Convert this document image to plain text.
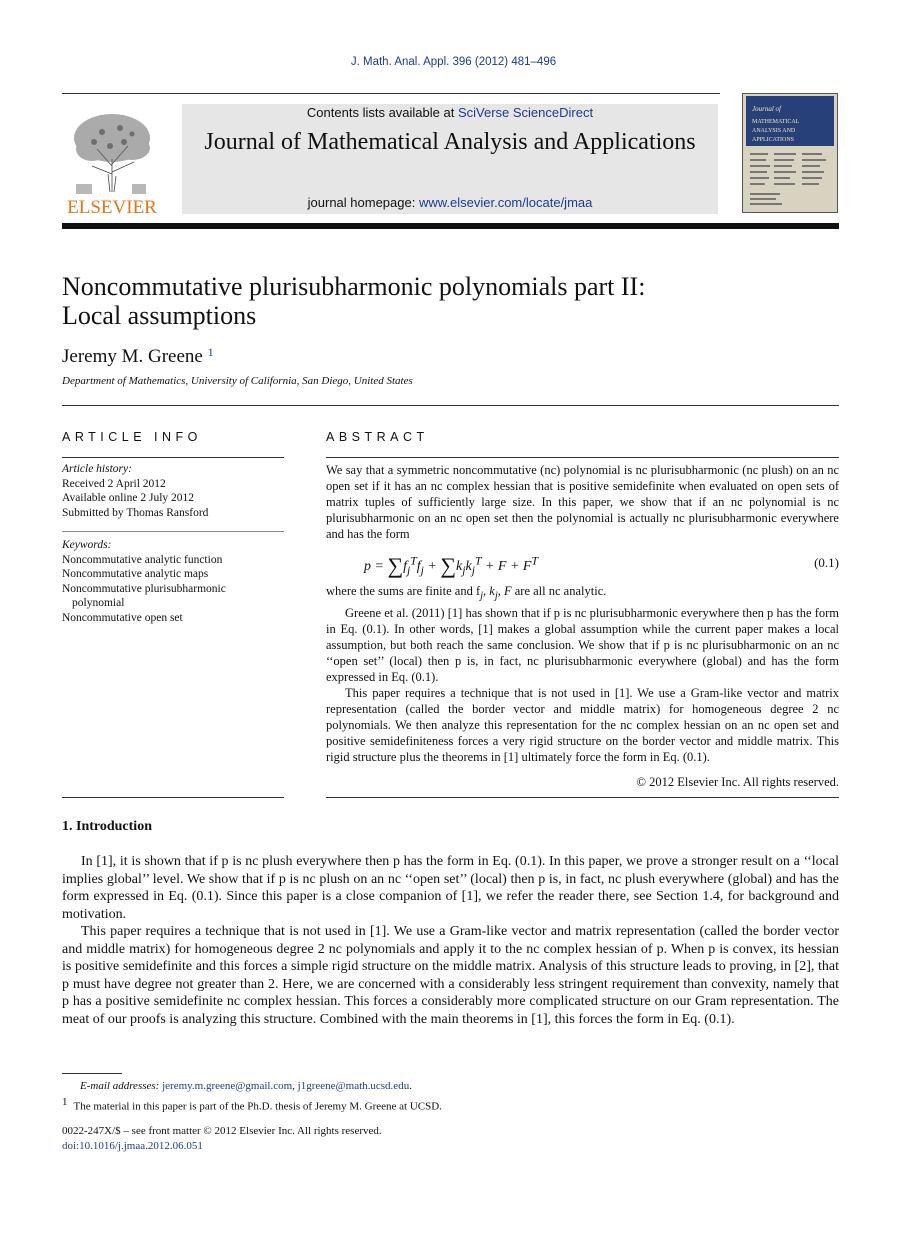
J. Math. Anal. Appl. 396 (2012) 481–496
ELSEVIER
Contents lists available at SciVerse ScienceDirect
Journal of Mathematical Analysis and Applications
journal homepage: www.elsevier.com/locate/jmaa
Journal of
MATHEMATICAL
ANALYSIS AND
APPLICATIONS
Noncommutative plurisubharmonic polynomials part II:
Local assumptions
Jeremy M. Greene $^1$
Department of Mathematics, University of California, San Diego, United States
ARTICLE INFO	ABSTRACT
Article history:
Received 2 April 2012
Available online 2 July 2012
Submitted by Thomas Ransford
Keywords:
Noncommutative analytic function
Noncommutative analytic maps
Noncommutative plurisubharmonic
polynomial
Noncommutative open set
We say that a symmetric noncommutative (nc) polynomial is nc plurisubharmonic (nc plush) on an nc open set if it has an nc complex hessian that is positive semidefinite when evaluated on open sets of matrix tuples of sufficiently large size. In this paper, we show that if an nc polynomial is nc plurisubharmonic on an nc open set then the polynomial is actually nc plurisubharmonic everywhere and has the form
$p = \sum f_j^Tf_j + \sum k_jk_j^T + F + F^T$	(0.1)

where the sums are finite and $f_j$, $k_j$, F are all nc analytic.

Greene et al. (2011) [1] has shown that if p is nc plurisubharmonic everywhere then p has the form in Eq. (0.1). In other words, [1] makes a global assumption while the current paper makes a local assumption, but both reach the same conclusion. We show that if p is nc plurisubharmonic on an nc ‘‘open set’’ (local) then p is, in fact, nc plurisubharmonic everywhere (global) and has the form expressed in Eq. (0.1).

This paper requires a technique that is not used in [1]. We use a Gram-like vector and matrix representation (called the border vector and middle matrix) for homogeneous degree 2 nc polynomials. We then analyze this representation for the nc complex hessian on an nc open set and positive semidefiniteness forces a very rigid structure on the border vector and middle matrix. This rigid structure plus the theorems in [1] ultimately force the form in Eq. (0.1).

© 2012 Elsevier Inc. All rights reserved.
1. Introduction

In [1], it is shown that if p is nc plush everywhere then p has the form in Eq. (0.1). In this paper, we prove a stronger result on a ‘‘local implies global’’ level. We show that if p is nc plush on an nc ‘‘open set’’ (local) then p is, in fact, nc plush everywhere (global) and has the form expressed in Eq. (0.1). Since this paper is a close companion of [1], we refer the reader there, see Section 1.4, for background and motivation.

This paper requires a technique that is not used in [1]. We use a Gram-like vector and matrix representation (called the border vector and middle matrix) for homogeneous degree 2 nc polynomials and apply it to the nc complex hessian of p. When p is convex, its hessian is positive semidefinite and this forces a simple rigid structure on the middle matrix. Analysis of this structure leads to proving, in [2], that p must have degree not greater than 2. Here, we are concerned with a considerably less stringent requirement than convexity, namely that p has a positive semidefinite nc complex hessian. This forces a considerably more complicated structure on our Gram representation. The meat of our proofs is analyzing this structure. Combined with the main theorems in [1], this forces the form in Eq. (0.1).

E-mail addresses: jeremy.m.greene@gmail.com, j1greene@math.ucsd.edu.
$^1$ The material in this paper is part of the Ph.D. thesis of Jeremy M. Greene at UCSD.
0022-247X/$ – see front matter © 2012 Elsevier Inc. All rights reserved.
doi:10.1016/j.jmaa.2012.06.051
